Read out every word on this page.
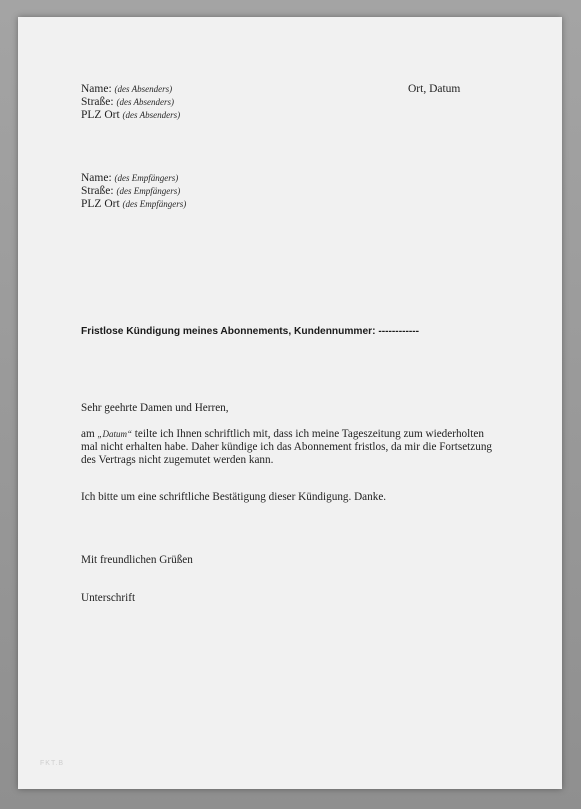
Name: (des Absenders)
Straße: (des Absenders)
PLZ Ort (des Absenders)
Ort, Datum
Name: (des Empfängers)
Straße: (des Empfängers)
PLZ Ort (des Empfängers)
Fristlose Kündigung meines Abonnements, Kundennummer: ------------
Sehr geehrte Damen und Herren,
am „Datum“ teilte ich Ihnen schriftlich mit, dass ich meine Tageszeitung zum wiederholten
mal nicht erhalten habe. Daher kündige ich das Abonnement fristlos, da mir die Fortsetzung
des Vertrags nicht zugemutet werden kann.
Ich bitte um eine schriftliche Bestätigung dieser Kündigung. Danke.
Mit freundlichen Grüßen
Unterschrift
FKT.B
